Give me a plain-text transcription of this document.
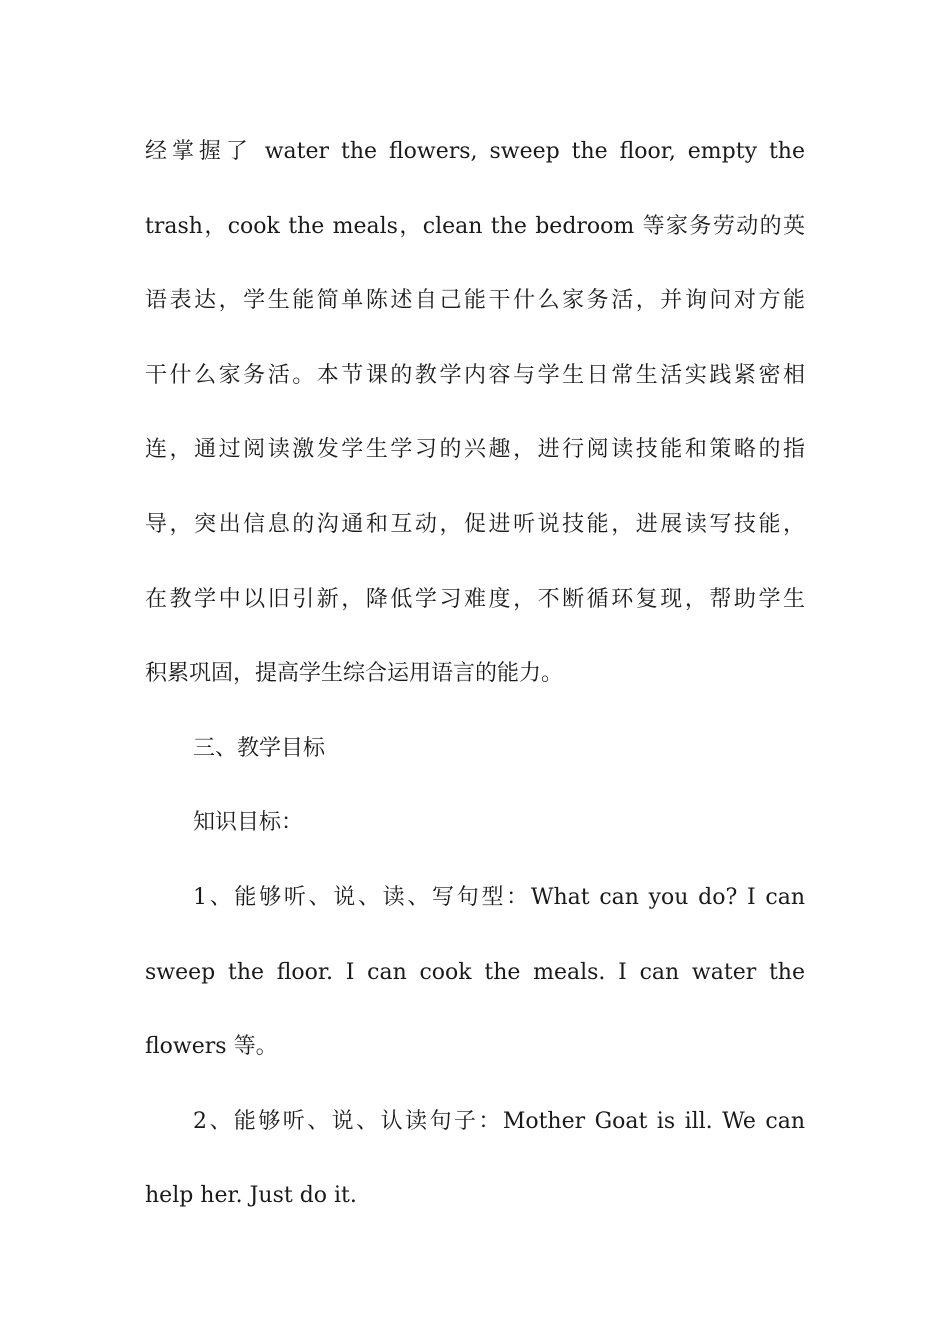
经掌握了 water the flowers, sweep the floor, empty the
trash，cook the meals，clean the bedroom 等家务劳动的英
语表达，学生能简单陈述自己能干什么家务活，并询问对方能
干什么家务活。本节课的教学内容与学生日常生活实践紧密相
连，通过阅读激发学生学习的兴趣，进行阅读技能和策略的指
导，突出信息的沟通和互动，促进听说技能，进展读写技能，
在教学中以旧引新，降低学习难度，不断循环复现，帮助学生
积累巩固，提高学生综合运用语言的能力。
三、教学目标
知识目标：
1、能够听、说、读、写句型：What can you do? I can
sweep the floor. I can cook the meals. I can water the
flowers 等。
2、能够听、说、认读句子：Mother Goat is ill. We can
help her. Just do it.
